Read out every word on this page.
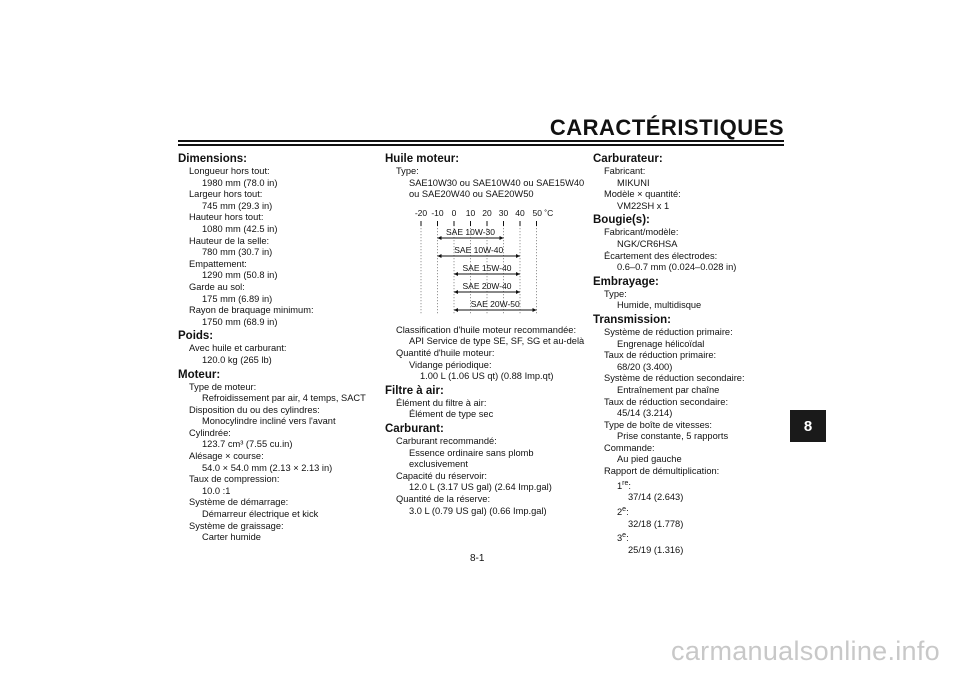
CARACTÉRISTIQUES
Dimensions:
Longueur hors tout:
1980 mm (78.0 in)
Largeur hors tout:
745 mm (29.3 in)
Hauteur hors tout:
1080 mm (42.5 in)
Hauteur de la selle:
780 mm (30.7 in)
Empattement:
1290 mm (50.8 in)
Garde au sol:
175 mm (6.89 in)
Rayon de braquage minimum:
1750 mm (68.9 in)
Poids:
Avec huile et carburant:
120.0 kg (265 lb)
Moteur:
Type de moteur:
Refroidissement par air, 4 temps, SACT
Disposition du ou des cylindres:
Monocylindre incliné vers l'avant
Cylindrée:
123.7 cm³ (7.55 cu.in)
Alésage × course:
54.0 × 54.0 mm (2.13 × 2.13 in)
Taux de compression:
10.0 :1
Système de démarrage:
Démarreur électrique et kick
Système de graissage:
Carter humide
Huile moteur:
Type:
SAE10W30 ou SAE10W40 ou SAE15W40
ou SAE20W40 ou SAE20W50
-20 -10 0 10 20 30 40 50 ˚C
SAE 10W-30
SAE 10W-40
SAE 15W-40
SAE 20W-40
SAE 20W-50
Classification d'huile moteur recommandée:
API Service de type SE, SF, SG et au-delà
Quantité d'huile moteur:
Vidange périodique:
1.00 L (1.06 US qt) (0.88 Imp.qt)
Filtre à air:
Élément du filtre à air:
Élément de type sec
Carburant:
Carburant recommandé:
Essence ordinaire sans plomb
exclusivement
Capacité du réservoir:
12.0 L (3.17 US gal) (2.64 Imp.gal)
Quantité de la réserve:
3.0 L (0.79 US gal) (0.66 Imp.gal)
Carburateur:
Fabricant:
MIKUNI
Modèle × quantité:
VM22SH x 1
Bougie(s):
Fabricant/modèle:
NGK/CR6HSA
Écartement des électrodes:
0.6–0.7 mm (0.024–0.028 in)
Embrayage:
Type:
Humide, multidisque
Transmission:
Système de réduction primaire:
Engrenage hélicoïdal
Taux de réduction primaire:
68/20 (3.400)
Système de réduction secondaire:
Entraînement par chaîne
Taux de réduction secondaire:
45/14 (3.214)
Type de boîte de vitesses:
Prise constante, 5 rapports
Commande:
Au pied gauche
Rapport de démultiplication:
1re:
37/14 (2.643)
2e:
32/18 (1.778)
3e:
25/19 (1.316)
8
8-1
carmanualsonline.info
